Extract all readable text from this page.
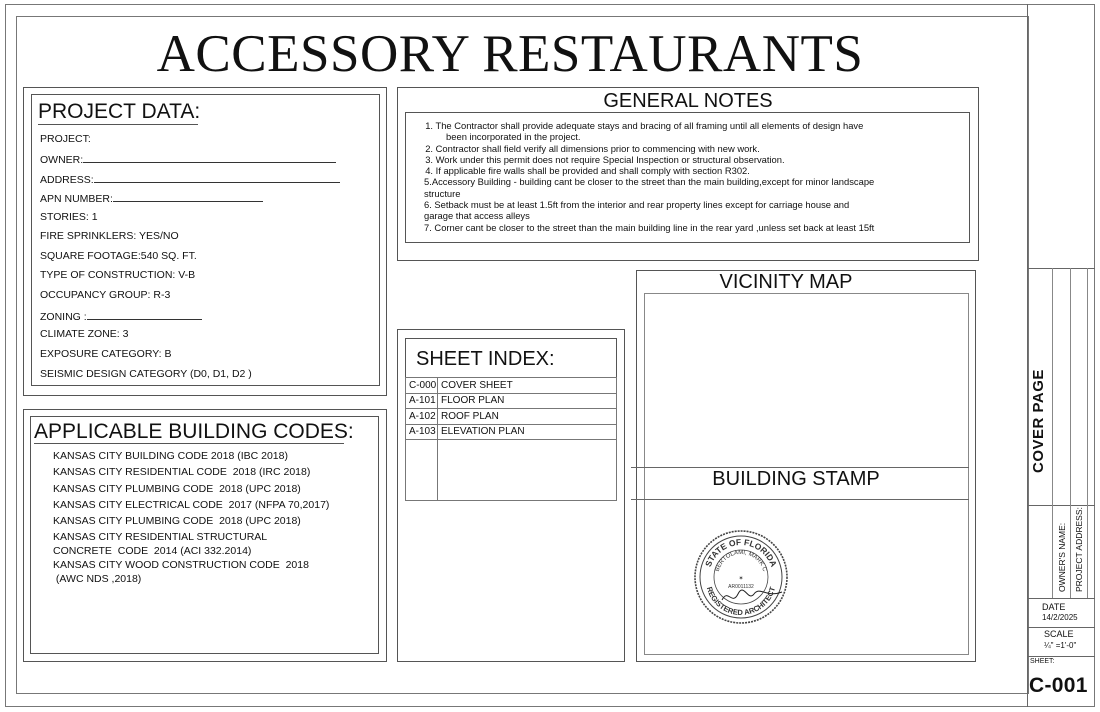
ACCESSORY RESTAURANTS
PROJECT DATA:
PROJECT:
OWNER:
ADDRESS:
APN NUMBER:
STORIES: 1
FIRE SPRINKLERS: YES/NO
SQUARE FOOTAGE:540 SQ. FT.
TYPE OF CONSTRUCTION: V-B
OCCUPANCY GROUP: R-3
ZONING :
CLIMATE ZONE: 3
EXPOSURE CATEGORY: B
SEISMIC DESIGN CATEGORY (D0, D1, D2 )
APPLICABLE BUILDING CODES:
KANSAS CITY BUILDING CODE 2018 (IBC 2018)
KANSAS CITY RESIDENTIAL CODE  2018 (IRC 2018)
KANSAS CITY PLUMBING CODE  2018 (UPC 2018)
KANSAS CITY ELECTRICAL CODE  2017 (NFPA 70,2017)
KANSAS CITY PLUMBING CODE  2018 (UPC 2018)
KANSAS CITY RESIDENTIAL STRUCTURAL
CONCRETE  CODE  2014 (ACI 332.2014)
KANSAS CITY WOOD CONSTRUCTION CODE  2018
(AWC NDS ,2018)
GENERAL NOTES
1. The Contractor shall provide adequate stays and bracing of all framing until all elements of design have
been incorporated in the project.
2. Contractor shall field verify all dimensions prior to commencing with new work.
3. Work under this permit does not require Special Inspection or structural observation.
4. If applicable fire walls shall be provided and shall comply with section R302.
5.Accessory Building - building cant be closer to the street than the main building,except for minor landscape
structure
6. Setback must be at least 1.5ft from the interior and rear property lines except for carriage house and
garage that access alleys
7. Corner cant be closer to the street than the main building line in the rear yard ,unless set back at least 15ft
SHEET INDEX:
C-000	COVER SHEET
A-101	FLOOR PLAN
A-102	ROOF PLAN
A-103	ELEVATION PLAN

VICINITY MAP
BUILDING STAMP
STATE OF FLORIDA
BERTOLAMI, MARK C
AR0011132
REGISTERED ARCHITECT
✶
COVER PAGE
OWNER'S NAME: PROJECT ADDRESS:
DATE
14/2/2025
SCALE
¼" =1'-0"
SHEET:
C-001
